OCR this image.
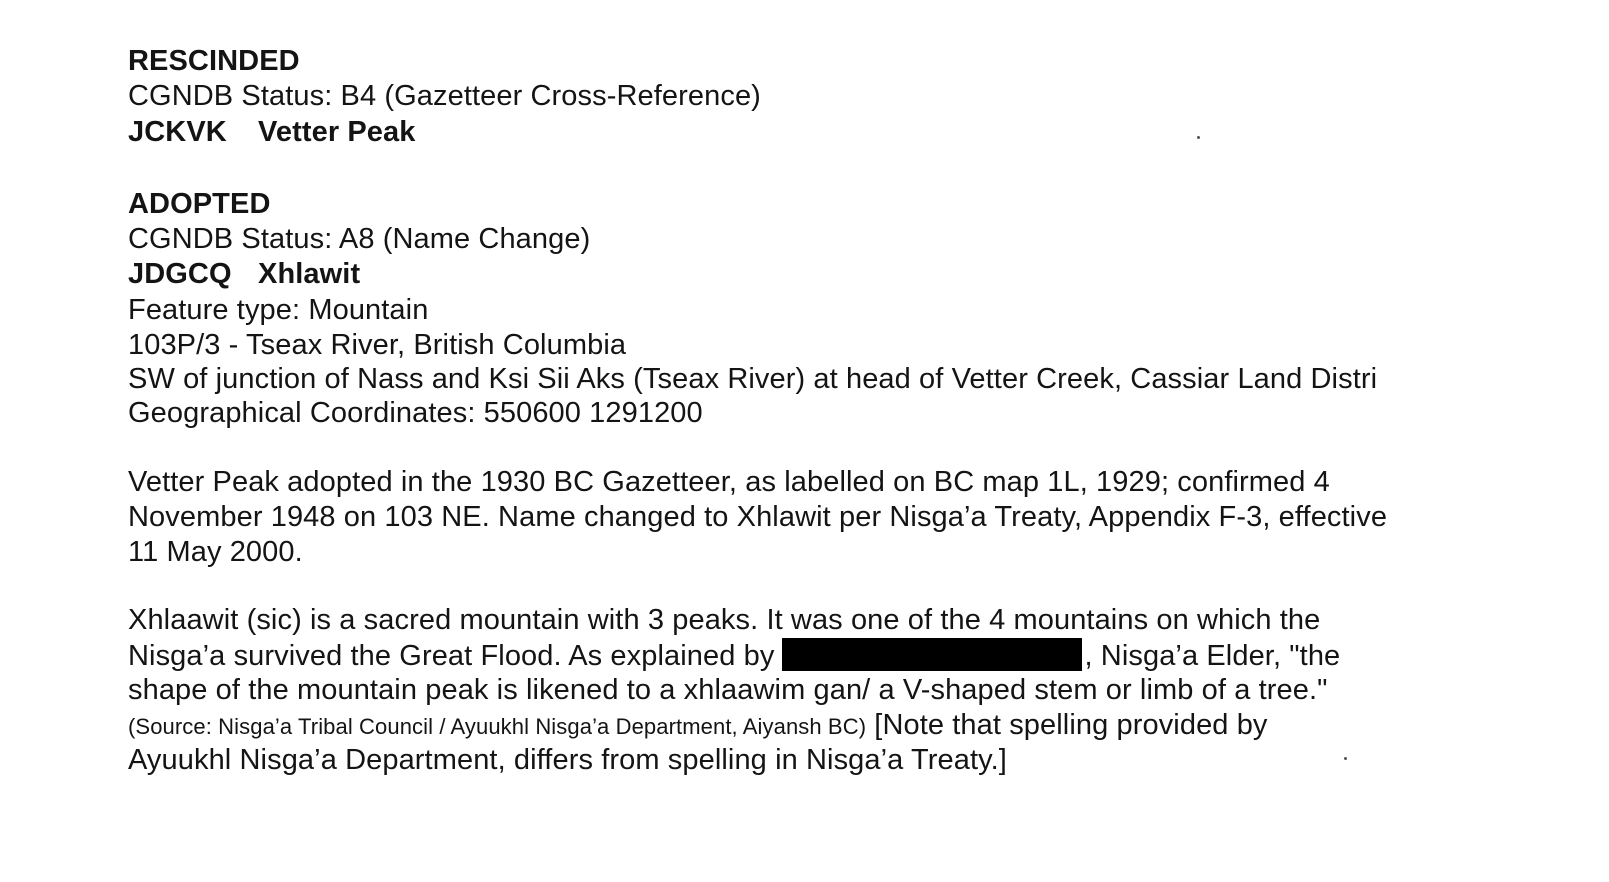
RESCINDED
CGNDB Status: B4 (Gazetteer Cross-Reference)
JCKVK Vetter Peak
ADOPTED
CGNDB Status: A8 (Name Change)
JDGCQ Xhlawit
Feature type: Mountain
103P/3 - Tseax River, British Columbia
SW of junction of Nass and Ksi Sii Aks (Tseax River) at head of Vetter Creek, Cassiar Land Distri
Geographical Coordinates: 550600 1291200
Vetter Peak adopted in the 1930 BC Gazetteer, as labelled on BC map 1L, 1929; confirmed 4
November 1948 on 103 NE. Name changed to Xhlawit per Nisga’a Treaty, Appendix F-3, effective
11 May 2000.
Xhlaawit (sic) is a sacred mountain with 3 peaks. It was one of the 4 mountains on which the
Nisga’a survived the Great Flood. As explained by	, Nisga’a Elder, "the
shape of the mountain peak is likened to a xhlaawim gan/ a V-shaped stem or limb of a tree."
(Source: Nisga’a Tribal Council / Ayuukhl Nisga’a Department, Aiyansh BC) [Note that spelling provided by
Ayuukhl Nisga’a Department, differs from spelling in Nisga’a Treaty.]
